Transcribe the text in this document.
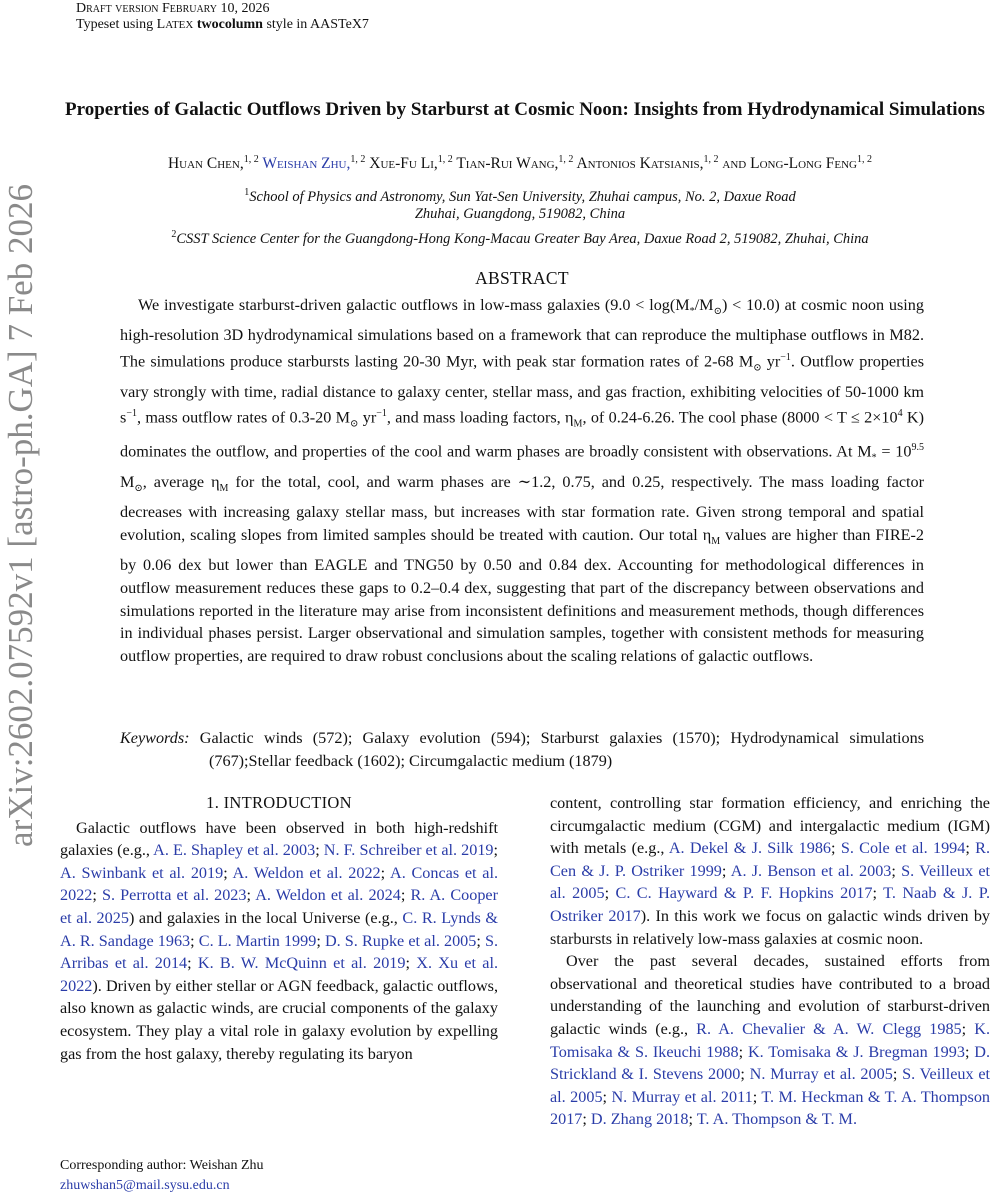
Draft version February 10, 2026
Typeset using LATEX twocolumn style in AASTeX7
arXiv:2602.07592v1 [astro-ph.GA] 7 Feb 2026
Properties of Galactic Outflows Driven by Starburst at Cosmic Noon: Insights from Hydrodynamical Simulations
Huan Chen,$^{1, 2}$ Weishan Zhu,$^{1, 2}$ Xue-Fu Li,$^{1, 2}$ Tian-Rui Wang,$^{1, 2}$ Antonios Katsianis,$^{1, 2}$ and Long-Long Feng$^{1, 2}$
$^1$School of Physics and Astronomy, Sun Yat-Sen University, Zhuhai campus, No. 2, Daxue Road
Zhuhai, Guangdong, 519082, China
$^2$CSST Science Center for the Guangdong-Hong Kong-Macau Greater Bay Area, Daxue Road 2, 519082, Zhuhai, China
ABSTRACT
We investigate starburst-driven galactic outflows in low-mass galaxies $(9.0 < \log(M_*/M_⊙) < 10.0)$ at cosmic noon using high-resolution 3D hydrodynamical simulations based on a framework that can reproduce the multiphase outflows in M82. The simulations produce starbursts lasting 20-30 Myr, with peak star formation rates of 2-68 $M_⊙$ $yr^{-1}$. Outflow properties vary strongly with time, radial distance to galaxy center, stellar mass, and gas fraction, exhibiting velocities of 50-1000 km $s^{-1}$, mass outflow rates of 0.3-20 $M_⊙$ $yr^{-1}$, and mass loading factors, $\eta_M$, of 0.24-6.26. The cool phase ($8000 < T \le 2\times 10^4$ K) dominates the outflow, and properties of the cool and warm phases are broadly consistent with observations. At $M_* = 10^{9.5}$ $M_⊙$, average $\eta_M$ for the total, cool, and warm phases are ∼1.2, 0.75, and 0.25, respectively. The mass loading factor decreases with increasing galaxy stellar mass, but increases with star formation rate. Given strong temporal and spatial evolution, scaling slopes from limited samples should be treated with caution. Our total $\eta_M$ values are higher than FIRE-2 by 0.06 dex but lower than EAGLE and TNG50 by 0.50 and 0.84 dex. Accounting for methodological differences in outflow measurement reduces these gaps to 0.2–0.4 dex, suggesting that part of the discrepancy between observations and simulations reported in the literature may arise from inconsistent definitions and measurement methods, though differences in individual phases persist. Larger observational and simulation samples, together with consistent methods for measuring outflow properties, are required to draw robust conclusions about the scaling relations of galactic outflows.
Keywords: Galactic winds (572); Galaxy evolution (594); Starburst galaxies (1570); Hydrodynamical simulations (767);Stellar feedback (1602); Circumgalactic medium (1879)
1. INTRODUCTION

Galactic outflows have been observed in both high-redshift galaxies (e.g., A. E. Shapley et al. 2003; N. F. Schreiber et al. 2019; A. Swinbank et al. 2019; A. Weldon et al. 2022; A. Concas et al. 2022; S. Perrotta et al. 2023; A. Weldon et al. 2024; R. A. Cooper et al. 2025) and galaxies in the local Universe (e.g., C. R. Lynds & A. R. Sandage 1963; C. L. Martin 1999; D. S. Rupke et al. 2005; S. Arribas et al. 2014; K. B. W. McQuinn et al. 2019; X. Xu et al. 2022). Driven by either stellar or AGN feedback, galactic outflows, also known as galactic winds, are crucial components of the galaxy ecosystem. They play a vital role in galaxy evolution by expelling gas from the host galaxy, thereby regulating its baryon

Corresponding author: Weishan Zhu
zhuwshan5@mail.sysu.edu.cn

content, controlling star formation efficiency, and enriching the circumgalactic medium (CGM) and intergalactic medium (IGM) with metals (e.g., A. Dekel & J. Silk 1986; S. Cole et al. 1994; R. Cen & J. P. Ostriker 1999; A. J. Benson et al. 2003; S. Veilleux et al. 2005; C. C. Hayward & P. F. Hopkins 2017; T. Naab & J. P. Ostriker 2017). In this work we focus on galactic winds driven by starbursts in relatively low-mass galaxies at cosmic noon.

Over the past several decades, sustained efforts from observational and theoretical studies have contributed to a broad understanding of the launching and evolution of starburst-driven galactic winds (e.g., R. A. Chevalier & A. W. Clegg 1985; K. Tomisaka & S. Ikeuchi 1988; K. Tomisaka & J. Bregman 1993; D. Strickland & I. Stevens 2000; N. Murray et al. 2005; S. Veilleux et al. 2005; N. Murray et al. 2011; T. M. Heckman & T. A. Thompson 2017; D. Zhang 2018; T. A. Thompson & T. M.
